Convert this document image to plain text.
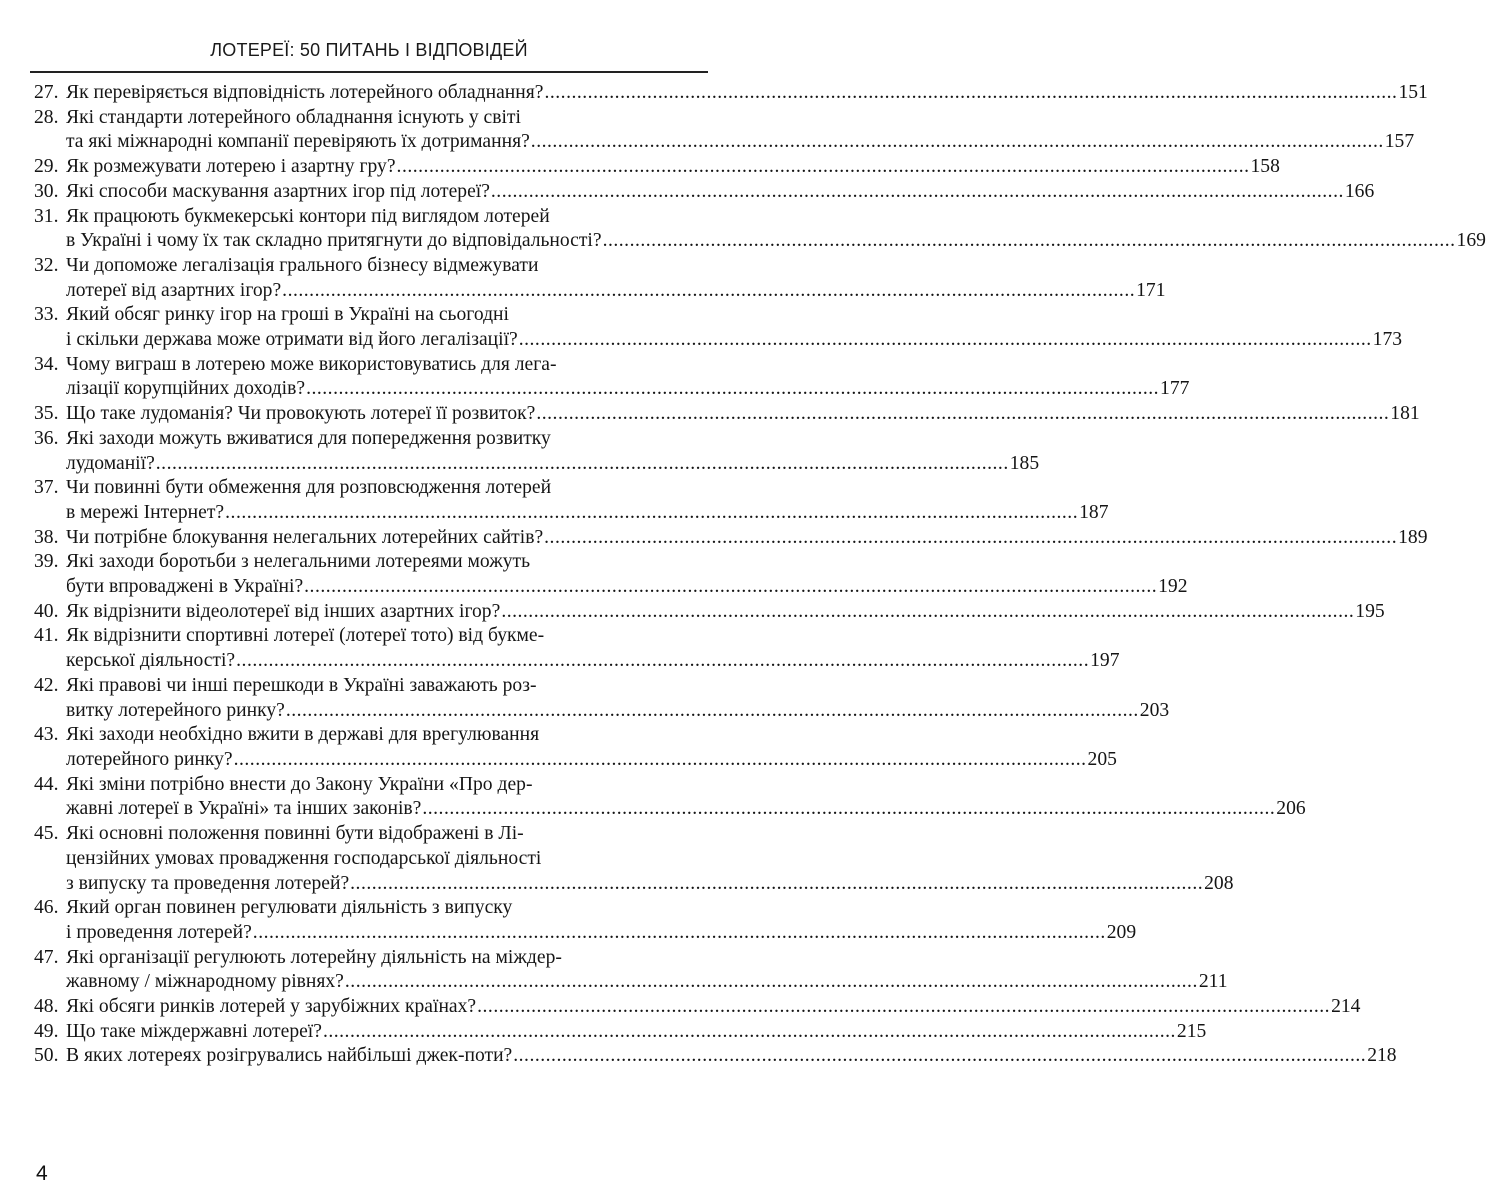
ЛОТЕРЕЇ: 50 ПИТАНЬ І ВІДПОВІДЕЙ
27. Як перевіряється відповідність лотерейного обладнання? .....	151
28. Які стандарти лотерейного обладнання існують у світі
та які міжнародні компанії перевіряють їх дотримання? .....	157
29. Як розмежувати лотерею і азартну гру? .....	158
30. Які способи маскування азартних ігор під лотереї? .....	166
31. Як працюють букмекерські контори під виглядом лотерей
в Україні і чому їх так складно притягнути до відповідальності? .....	169
32. Чи допоможе легалізація грального бізнесу відмежувати
лотереї від азартних ігор? .....	171
33. Який обсяг ринку ігор на гроші в Україні на сьогодні
і скільки держава може отримати від його легалізації? .....	173
34. Чому виграш в лотерею може використовуватись для лега-
лізації корупційних доходів? .....	177
35. Що таке лудоманія? Чи провокують лотереї її розвиток? .....	181
36. Які заходи можуть вживатися для попередження розвитку
лудоманії? .....	185
37. Чи повинні бути обмеження для розповсюдження лотерей
в мережі Інтернет? .....	187
38. Чи потрібне блокування нелегальних лотерейних сайтів? .....	189
39. Які заходи боротьби з нелегальними лотереями можуть
бути впроваджені в Україні? .....	192
40. Як відрізнити відеолотереї від інших азартних ігор? .....	195
41. Як відрізнити спортивні лотереї (лотереї тото) від букме-
керської діяльності? .....	197
42. Які правові чи інші перешкоди в Україні заважають роз-
витку лотерейного ринку? .....	203
43. Які заходи необхідно вжити в державі для врегулювання
лотерейного ринку? .....	205
44. Які зміни потрібно внести до Закону України «Про дер-
жавні лотереї в Україні» та інших законів? .....	206
45. Які основні положення повинні бути відображені в Лі-
цензійних умовах провадження господарської діяльності
з випуску та проведення лотерей? .....	208
46. Який орган повинен регулювати діяльність з випуску
і проведення лотерей? .....	209
47. Які організації регулюють лотерейну діяльність на міждер-
жавному / міжнародному рівнях? .....	211
48. Які обсяги ринків лотерей у зарубіжних країнах? .....	214
49. Що таке міждержавні лотереї? .....	215
50. В яких лотереях розігрувались найбільші джек-поти? .....	218
4
